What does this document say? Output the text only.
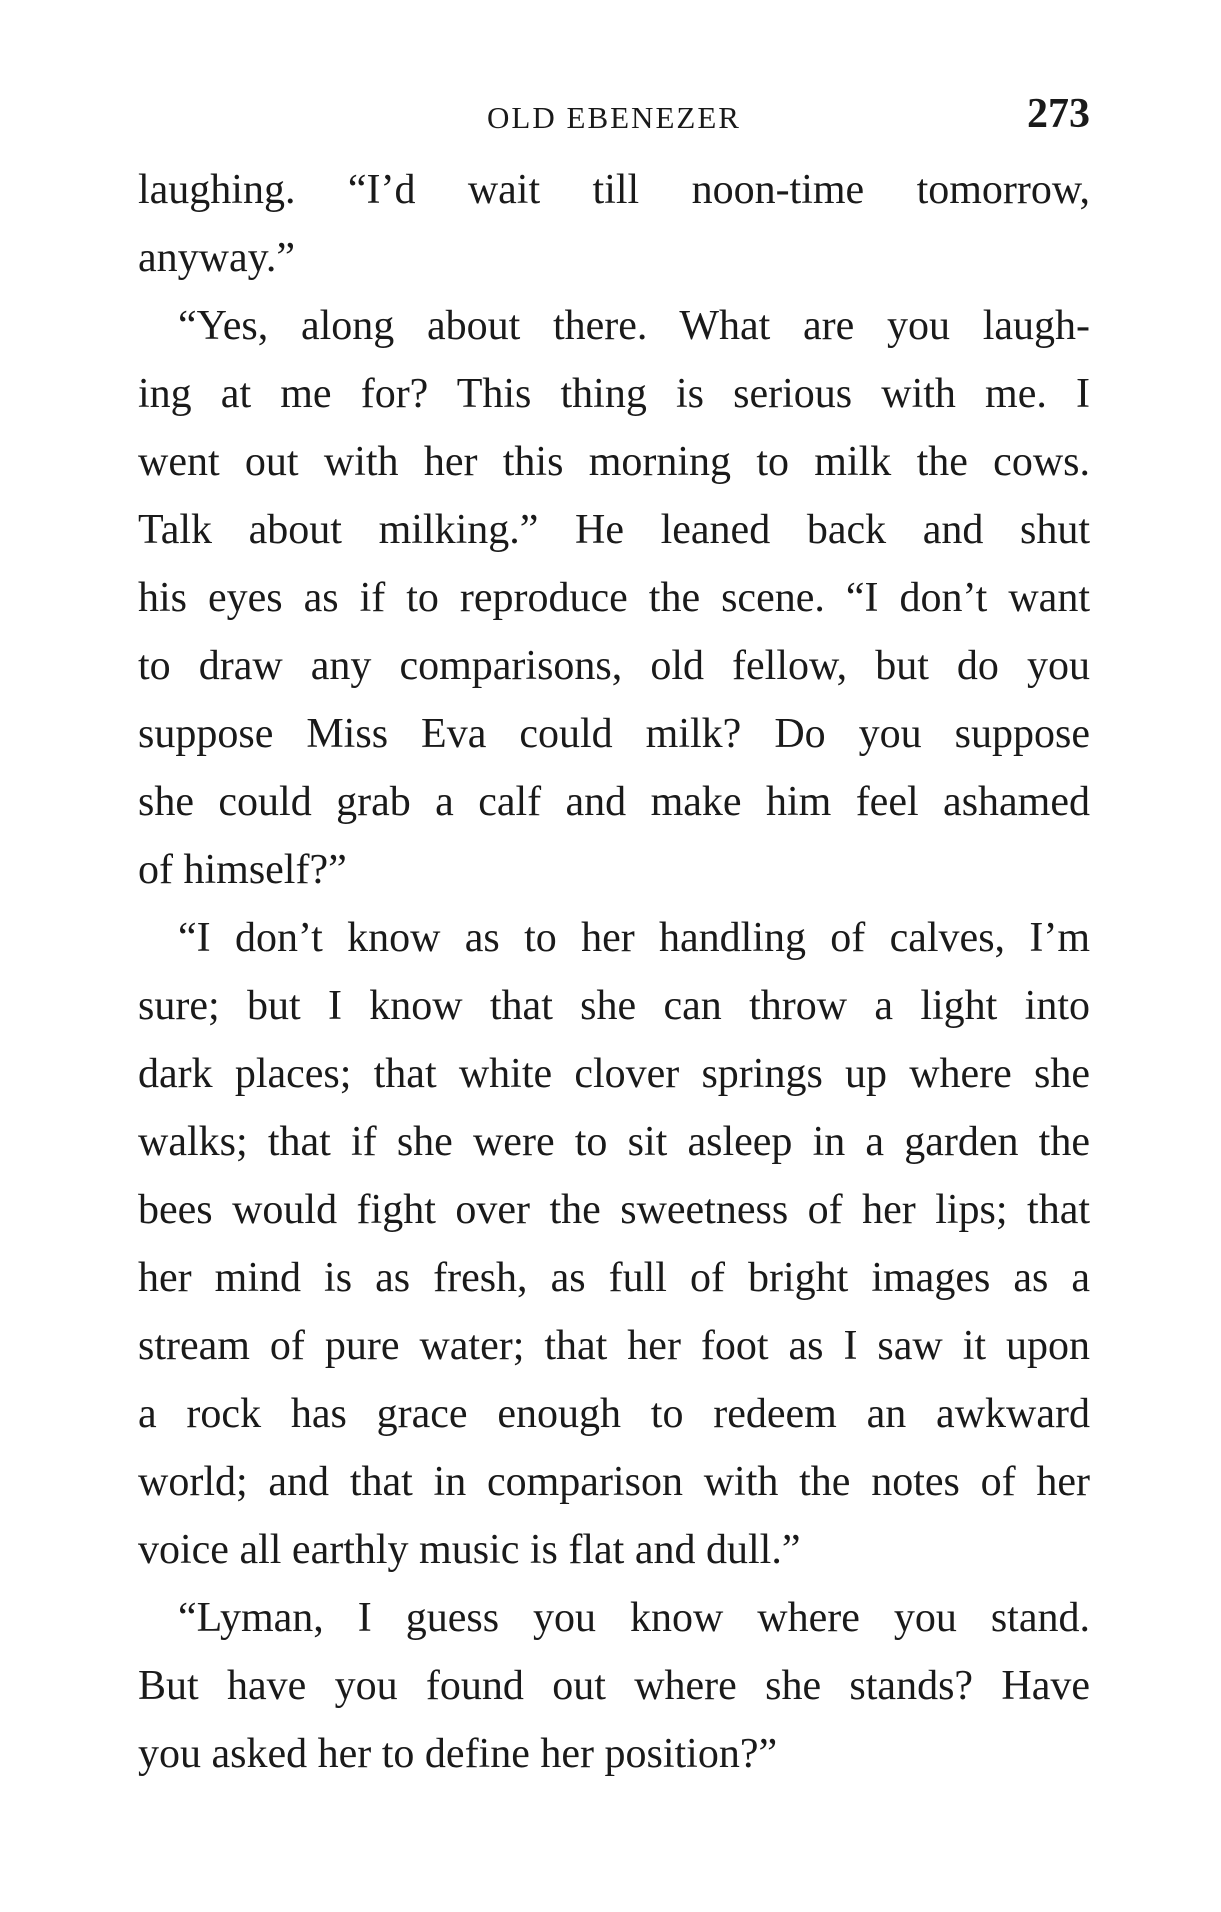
OLD EBENEZER	273
laughing. “I’d wait till noon-time tomorrow,
anyway.”
“Yes, along about there. What are you laugh-
ing at me for? This thing is serious with me. I
went out with her this morning to milk the cows.
Talk about milking.” He leaned back and shut
his eyes as if to reproduce the scene. “I don’t want
to draw any comparisons, old fellow, but do you
suppose Miss Eva could milk? Do you suppose
she could grab a calf and make him feel ashamed
of himself?”
“I don’t know as to her handling of calves, I’m
sure; but I know that she can throw a light into
dark places; that white clover springs up where she
walks; that if she were to sit asleep in a garden the
bees would fight over the sweetness of her lips; that
her mind is as fresh, as full of bright images as a
stream of pure water; that her foot as I saw it upon
a rock has grace enough to redeem an awkward
world; and that in comparison with the notes of her
voice all earthly music is flat and dull.”
“Lyman, I guess you know where you stand.
But have you found out where she stands? Have
you asked her to define her position?”
